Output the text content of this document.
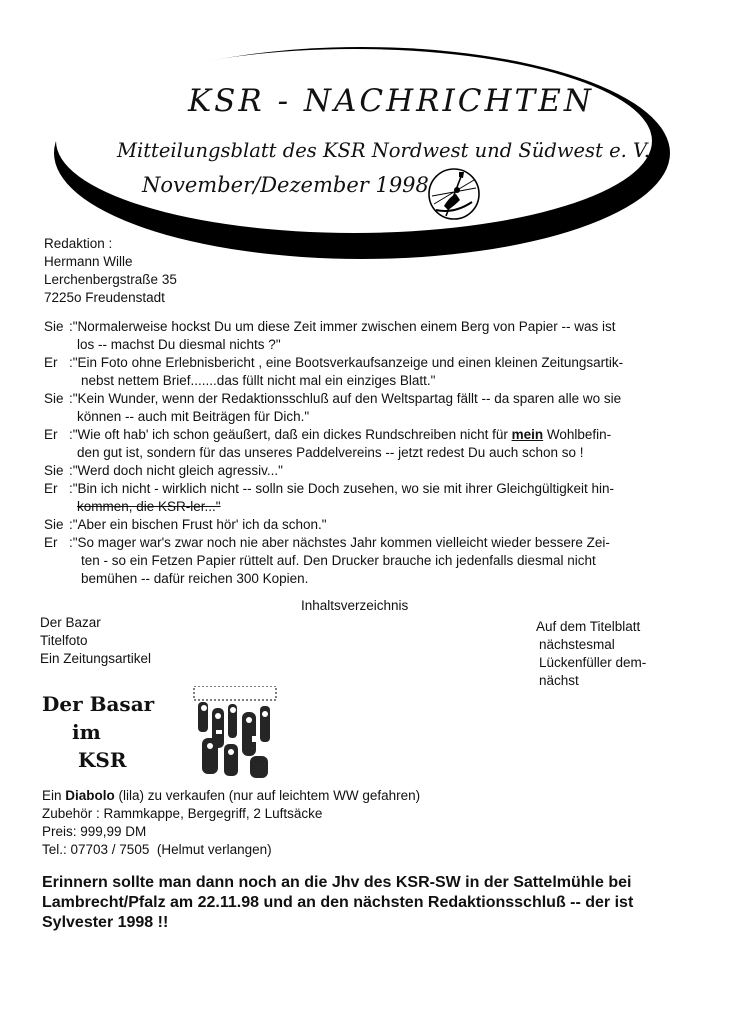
KSR - NACHRICHTEN
Mitteilungsblatt des KSR Nordwest und Südwest e. V.
November/Dezember 1998
Redaktion :
Hermann Wille
Lerchenbergstraße 35
7225o Freudenstadt
Sie :"Normalerweise hockst Du um diese Zeit immer zwischen einem Berg von Papier -- was ist
los -- machst Du diesmal nichts ?"
Er :"Ein Foto ohne Erlebnisbericht , eine Bootsverkaufsanzeige und einen kleinen Zeitungsartik-
nebst nettem Brief.......das füllt nicht mal ein einziges Blatt."
Sie :"Kein Wunder, wenn der Redaktionsschluß auf den Weltspartag fällt -- da sparen alle wo sie
können -- auch mit Beiträgen für Dich."
Er :"Wie oft hab' ich schon geäußert, daß ein dickes Rundschreiben nicht für mein Wohlbefin-
den gut ist, sondern für das unseres Paddelvereins -- jetzt redest Du auch schon so !
Sie :"Werd doch nicht gleich agressiv..."
Er :"Bin ich nicht - wirklich nicht -- solln sie Doch zusehen, wo sie mit ihrer Gleichgültigkeit hin-
kommen, die KSR-ler..."
Sie :"Aber ein bischen Frust hör' ich da schon."
Er :"So mager war's zwar noch nie aber nächstes Jahr kommen vielleicht wieder bessere Zei-
ten - so ein Fetzen Papier rüttelt auf. Den Drucker brauche ich jedenfalls diesmal nicht
bemühen -- dafür reichen 300 Kopien.
Inhaltsverzeichnis
Der Bazar
Titelfoto
Ein Zeitungsartikel
Auf dem Titelblatt
nächstesmal
Lückenfüller dem-
nächst
Der Basar
im
KSR
Ein Diabolo (lila) zu verkaufen (nur auf leichtem WW gefahren)
Zubehör : Rammkappe, Bergegriff, 2 Luftsäcke
Preis: 999,99 DM
Tel.: 07703 / 7505  (Helmut verlangen)
Erinnern sollte man dann noch an die Jhv des KSR-SW in der Sattelmühle bei
Lambrecht/Pfalz am 22.11.98 und an den nächsten Redaktionsschluß -- der ist
Sylvester 1998 !!
